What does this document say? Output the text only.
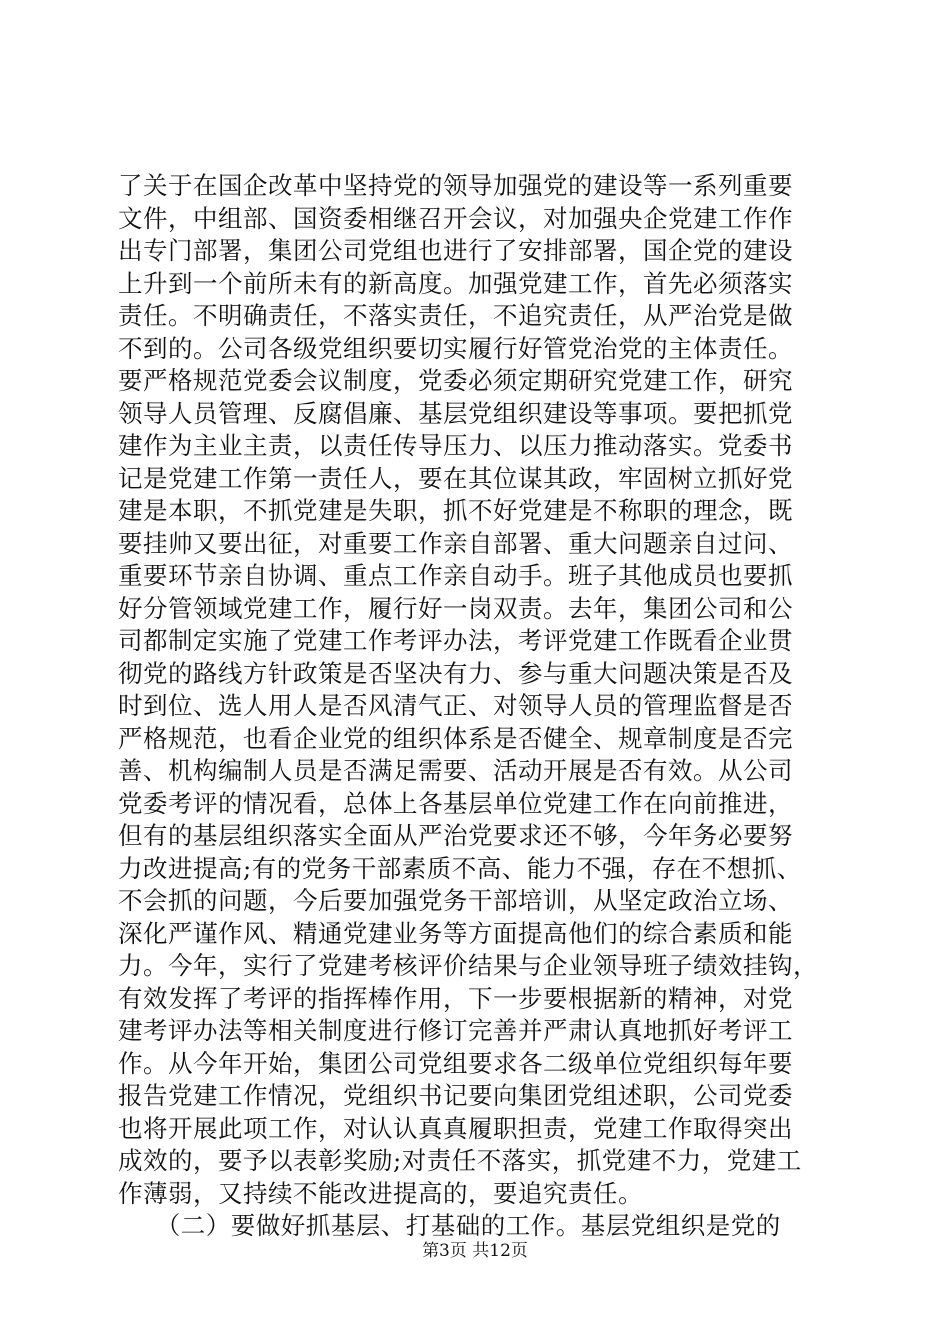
了关于在国企改革中坚持党的领导加强党的建设等一系列重要
文件，中组部、国资委相继召开会议，对加强央企党建工作作
出专门部署，集团公司党组也进行了安排部署，国企党的建设
上升到一个前所未有的新高度。加强党建工作，首先必须落实
责任。不明确责任，不落实责任，不追究责任，从严治党是做
不到的。公司各级党组织要切实履行好管党治党的主体责任。
要严格规范党委会议制度，党委必须定期研究党建工作，研究
领导人员管理、反腐倡廉、基层党组织建设等事项。要把抓党
建作为主业主责，以责任传导压力、以压力推动落实。党委书
记是党建工作第一责任人，要在其位谋其政，牢固树立抓好党
建是本职，不抓党建是失职，抓不好党建是不称职的理念，既
要挂帅又要出征，对重要工作亲自部署、重大问题亲自过问、
重要环节亲自协调、重点工作亲自动手。班子其他成员也要抓
好分管领域党建工作，履行好一岗双责。去年，集团公司和公
司都制定实施了党建工作考评办法，考评党建工作既看企业贯
彻党的路线方针政策是否坚决有力、参与重大问题决策是否及
时到位、选人用人是否风清气正、对领导人员的管理监督是否
严格规范，也看企业党的组织体系是否健全、规章制度是否完
善、机构编制人员是否满足需要、活动开展是否有效。从公司
党委考评的情况看，总体上各基层单位党建工作在向前推进，
但有的基层组织落实全面从严治党要求还不够，今年务必要努
力改进提高;有的党务干部素质不高、能力不强，存在不想抓、
不会抓的问题，今后要加强党务干部培训，从坚定政治立场、
深化严谨作风、精通党建业务等方面提高他们的综合素质和能
力。今年，实行了党建考核评价结果与企业领导班子绩效挂钩，
有效发挥了考评的指挥棒作用，下一步要根据新的精神，对党
建考评办法等相关制度进行修订完善并严肃认真地抓好考评工
作。从今年开始，集团公司党组要求各二级单位党组织每年要
报告党建工作情况，党组织书记要向集团党组述职，公司党委
也将开展此项工作，对认认真真履职担责，党建工作取得突出
成效的，要予以表彰奖励;对责任不落实，抓党建不力，党建工
作薄弱，又持续不能改进提高的，要追究责任。
　　（二）要做好抓基层、打基础的工作。基层党组织是党的
第3页 共12页
